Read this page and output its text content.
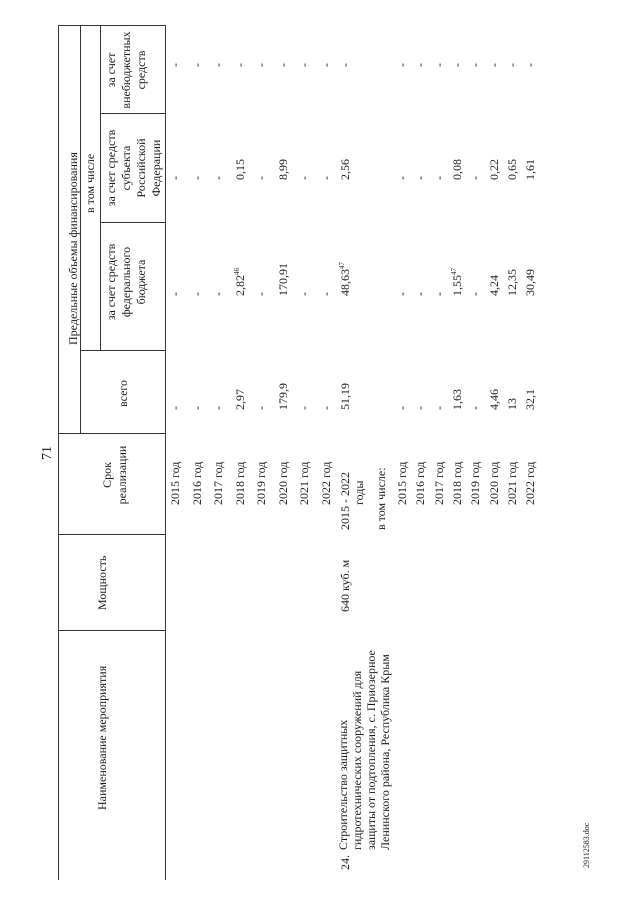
71
Наименование мероприятия
Мощность
Срок реализации
Предельные объемы финансирования
всего
в том числе
за счет средств федерального бюджета
за счет средств субъекта Российской Федерации
за счет внебюджетных средств
2015 год
-
-
-
-
2016 год
-
-
-
-
2017 год
-
-
-
-
2018 год
2,97
2,82$^{46}$
0,15
-
2019 год
-
-
-
-
2020 год
179,9
170,91
8,99
-
2021 год
-
-
-
-
2022 год
-
-
-
-
24.
Строительство защитных гидротехнических сооружений для защиты от подтопления, с. Приозерное Ленинского района, Республика Крым
640 куб. м
2015 - 2022 годы
51,19
48,63$^{47}$
2,56
-
в том числе: 2015 год
-
-
-
-
2016 год
-
-
-
-
2017 год
-
-
-
-
2018 год
1,63
1,55$^{47}$
0,08
-
2019 год
-
-
-
-
2020 год
4,46
4,24
0,22
-
2021 год
13
12,35
0,65
-
2022 год
32,1
30,49
1,61
-
29112583.doc
